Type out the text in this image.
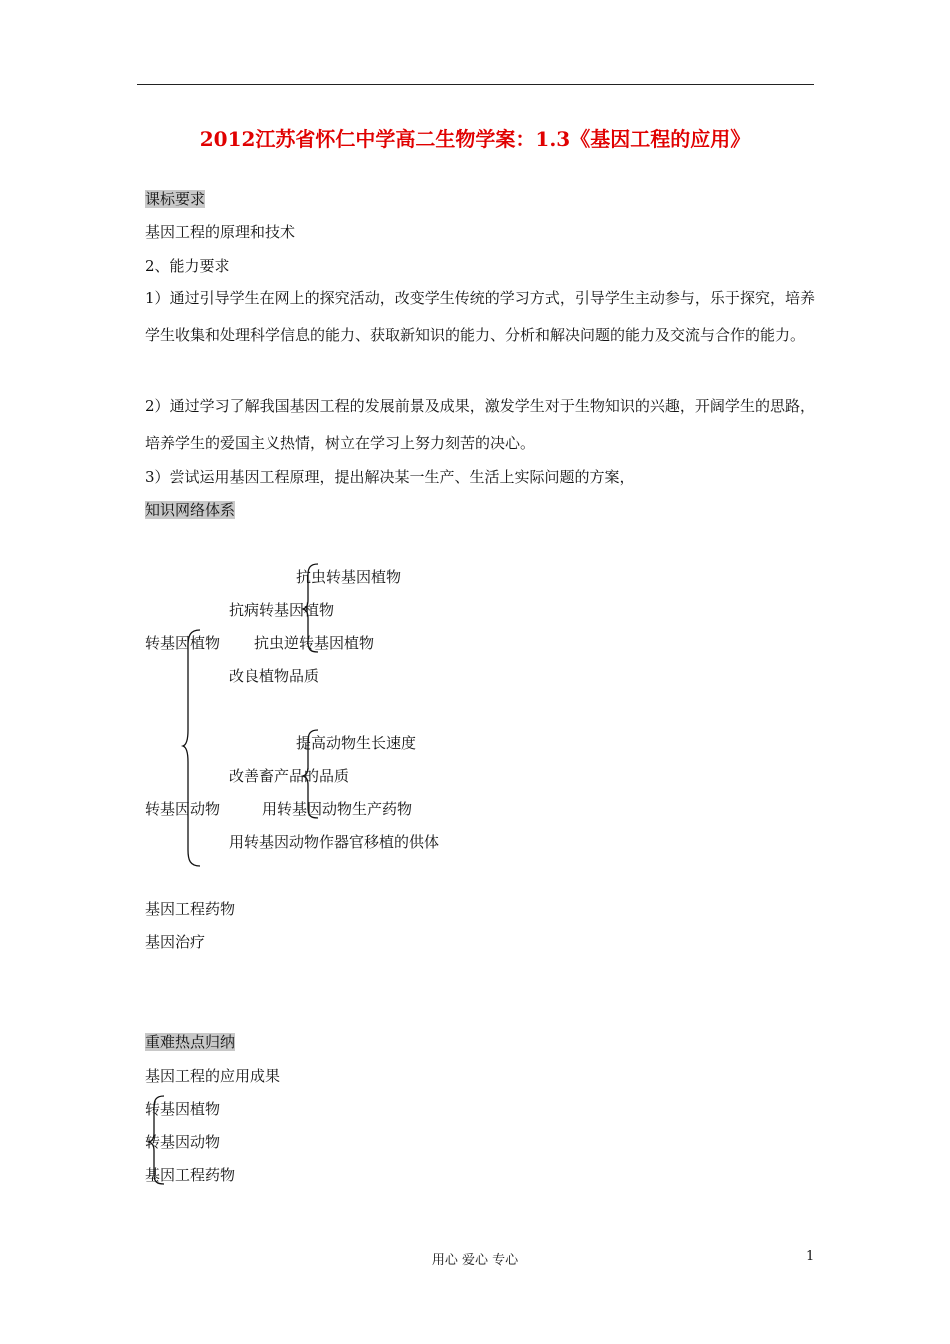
2012江苏省怀仁中学高二生物学案：1.3《基因工程的应用》
课标要求
基因工程的原理和技术
2、能力要求
1）通过引导学生在网上的探究活动，改变学生传统的学习方式，引导学生主动参与，乐于探究，培养学生收集和处理科学信息的能力、获取新知识的能力、分析和解决问题的能力及交流与合作的能力。
2）通过学习了解我国基因工程的发展前景及成果，激发学生对于生物知识的兴趣，开阔学生的思路，培养学生的爱国主义热情，树立在学习上努力刻苦的决心。
3）尝试运用基因工程原理，提出解决某一生产、生活上实际问题的方案，
知识网络体系
抗虫转基因植物
抗病转基因植物
转基因植物 抗虫逆转基因植物
改良植物品质
提高动物生长速度
改善畜产品的品质
转基因动物	用转基因动物生产药物
用转基因动物作器官移植的供体
基因工程药物
基因治疗
重难热点归纳
基因工程的应用成果
转基因植物
转基因动物
基因工程药物
用心 爱心 专心	1
